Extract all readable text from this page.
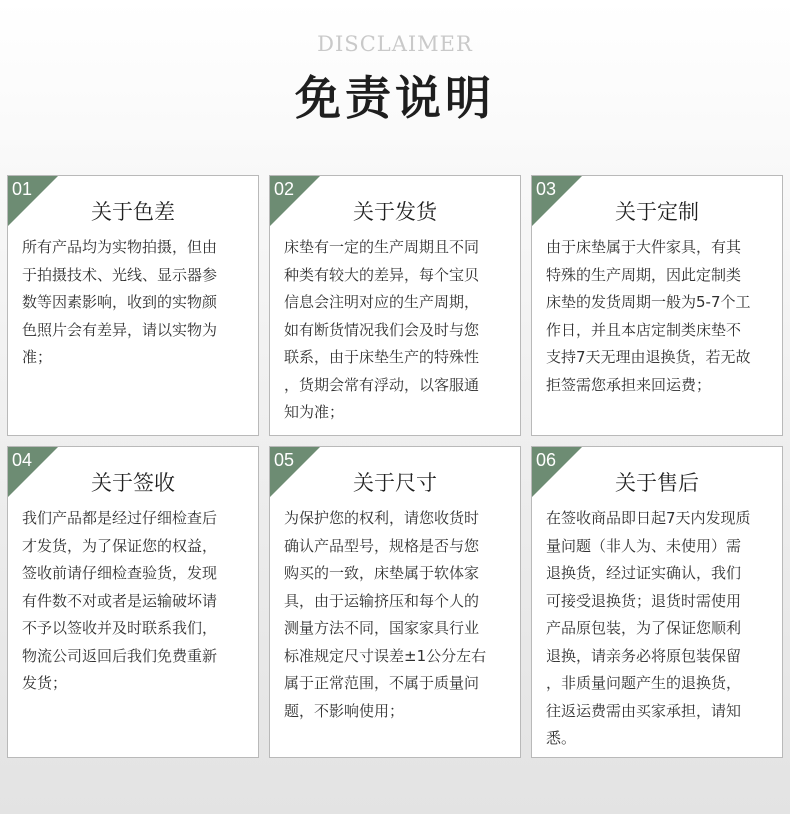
DISCLAIMER
免责说明
01
关于色差
所有产品均为实物拍摄，但由
于拍摄技术、光线、显示器参
数等因素影响，收到的实物颜
色照片会有差异，请以实物为
准；
02
关于发货
床垫有一定的生产周期且不同
种类有较大的差异，每个宝贝
信息会注明对应的生产周期，
如有断货情况我们会及时与您
联系，由于床垫生产的特殊性
，货期会常有浮动，以客服通
知为准；
03
关于定制
由于床垫属于大件家具，有其
特殊的生产周期，因此定制类
床垫的发货周期一般为5-7个工
作日，并且本店定制类床垫不
支持7天无理由退换货，若无故
拒签需您承担来回运费；
04
关于签收
我们产品都是经过仔细检查后
才发货，为了保证您的权益，
签收前请仔细检查验货，发现
有件数不对或者是运输破坏请
不予以签收并及时联系我们，
物流公司返回后我们免费重新
发货；
05
关于尺寸
为保护您的权利，请您收货时
确认产品型号，规格是否与您
购买的一致，床垫属于软体家
具，由于运输挤压和每个人的
测量方法不同，国家家具行业
标准规定尺寸误差±1公分左右
属于正常范围，不属于质量问
题，不影响使用；
06
关于售后
在签收商品即日起7天内发现质
量问题（非人为、未使用）需
退换货，经过证实确认，我们
可接受退换货；退货时需使用
产品原包装，为了保证您顺利
退换，请亲务必将原包装保留
，非质量问题产生的退换货，
往返运费需由买家承担，请知
悉。
